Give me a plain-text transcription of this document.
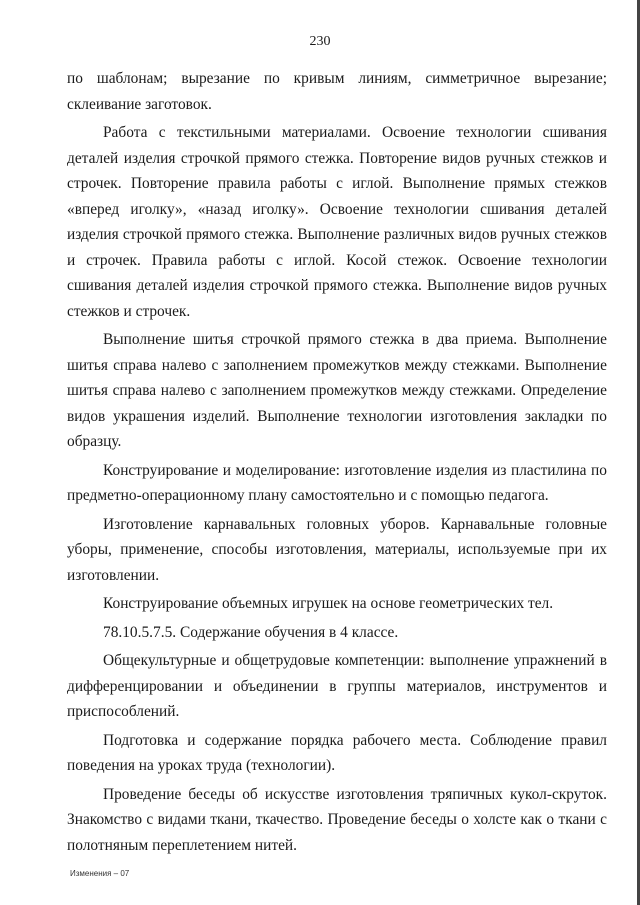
230

по шаблонам; вырезание по кривым линиям, симметричное вырезание; склеивание заготовок.

Работа с текстильными материалами. Освоение технологии сшивания деталей изделия строчкой прямого стежка. Повторение видов ручных стежков и строчек. Повторение правила работы с иглой. Выполнение прямых стежков «вперед иголку», «назад иголку». Освоение технологии сшивания деталей изделия строчкой прямого стежка. Выполнение различных видов ручных стежков и строчек. Правила работы с иглой. Косой стежок. Освоение технологии сшивания деталей изделия строчкой прямого стежка. Выполнение видов ручных стежков и строчек.

Выполнение шитья строчкой прямого стежка в два приема. Выполнение шитья справа налево с заполнением промежутков между стежками. Выполнение шитья справа налево с заполнением промежутков между стежками. Определение видов украшения изделий. Выполнение технологии изготовления закладки по образцу.

Конструирование и моделирование: изготовление изделия из пластилина по предметно-операционному плану самостоятельно и с помощью педагога.

Изготовление карнавальных головных уборов. Карнавальные головные уборы, применение, способы изготовления, материалы, используемые при их изготовлении.

Конструирование объемных игрушек на основе геометрических тел.

78.10.5.7.5. Содержание обучения в 4 классе.

Общекультурные и общетрудовые компетенции: выполнение упражнений в дифференцировании и объединении в группы материалов, инструментов и приспособлений.

Подготовка и содержание порядка рабочего места. Соблюдение правил поведения на уроках труда (технологии).

Проведение беседы об искусстве изготовления тряпичных кукол-скруток. Знакомство с видами ткани, ткачество. Проведение беседы о холсте как о ткани с полотняным переплетением нитей.

Изменения – 07
